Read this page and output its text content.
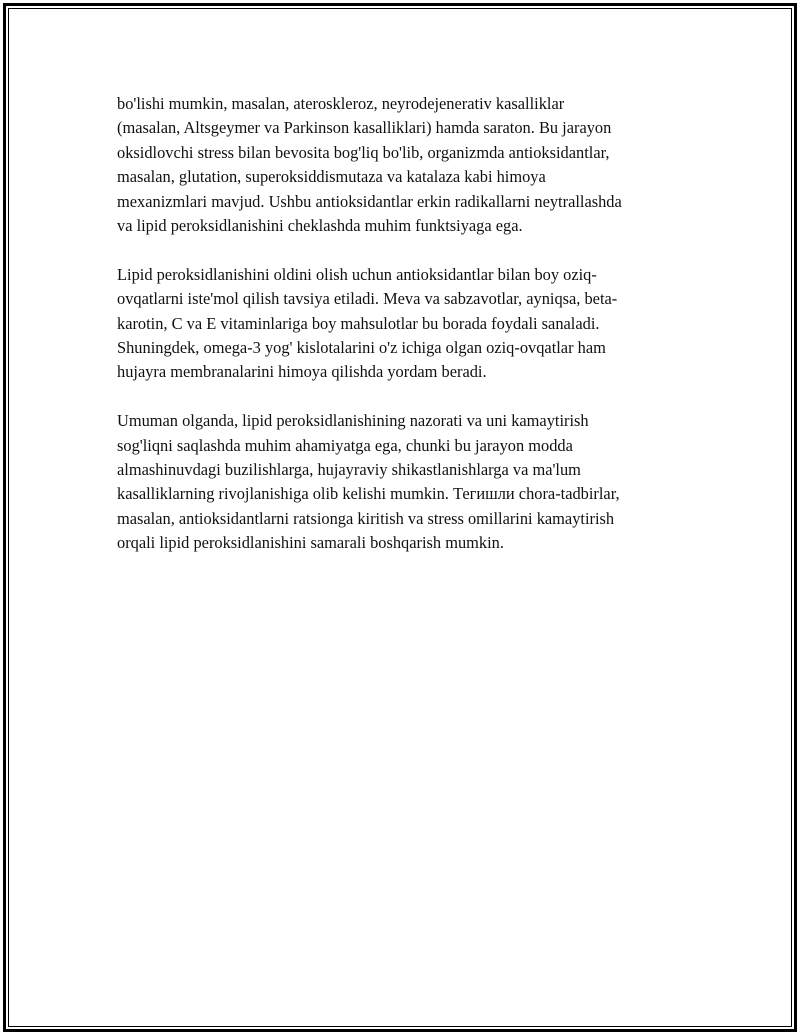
bo'lishi mumkin, masalan, ateroskleroz, neyrodejenerativ kasalliklar
(masalan, Altsgeymer va Parkinson kasalliklari) hamda saraton. Bu jarayon
oksidlovchi stress bilan bevosita bog'liq bo'lib, organizmda antioksidantlar,
masalan, glutation, superoksiddismutaza va katalaza kabi himoya
mexanizmlari mavjud. Ushbu antioksidantlar erkin radikallarni neytrallashda
va lipid peroksidlanishini cheklashda muhim funktsiyaga ega.

Lipid peroksidlanishini oldini olish uchun antioksidantlar bilan boy oziq-
ovqatlarni iste'mol qilish tavsiya etiladi. Meva va sabzavotlar, ayniqsa, beta-
karotin, C va E vitaminlariga boy mahsulotlar bu borada foydali sanaladi.
Shuningdek, omega-3 yog' kislotalarini o'z ichiga olgan oziq-ovqatlar ham
hujayra membranalarini himoya qilishda yordam beradi.

Umuman olganda, lipid peroksidlanishining nazorati va uni kamaytirish
sog'liqni saqlashda muhim ahamiyatga ega, chunki bu jarayon modda
almashinuvdagi buzilishlarga, hujayraviy shikastlanishlarga va ma'lum
kasalliklarning rivojlanishiga olib kelishi mumkin. Тегишли chora-tadbirlar,
masalan, antioksidantlarni ratsionga kiritish va stress omillarini kamaytirish
orqali lipid peroksidlanishini samarali boshqarish mumkin.
